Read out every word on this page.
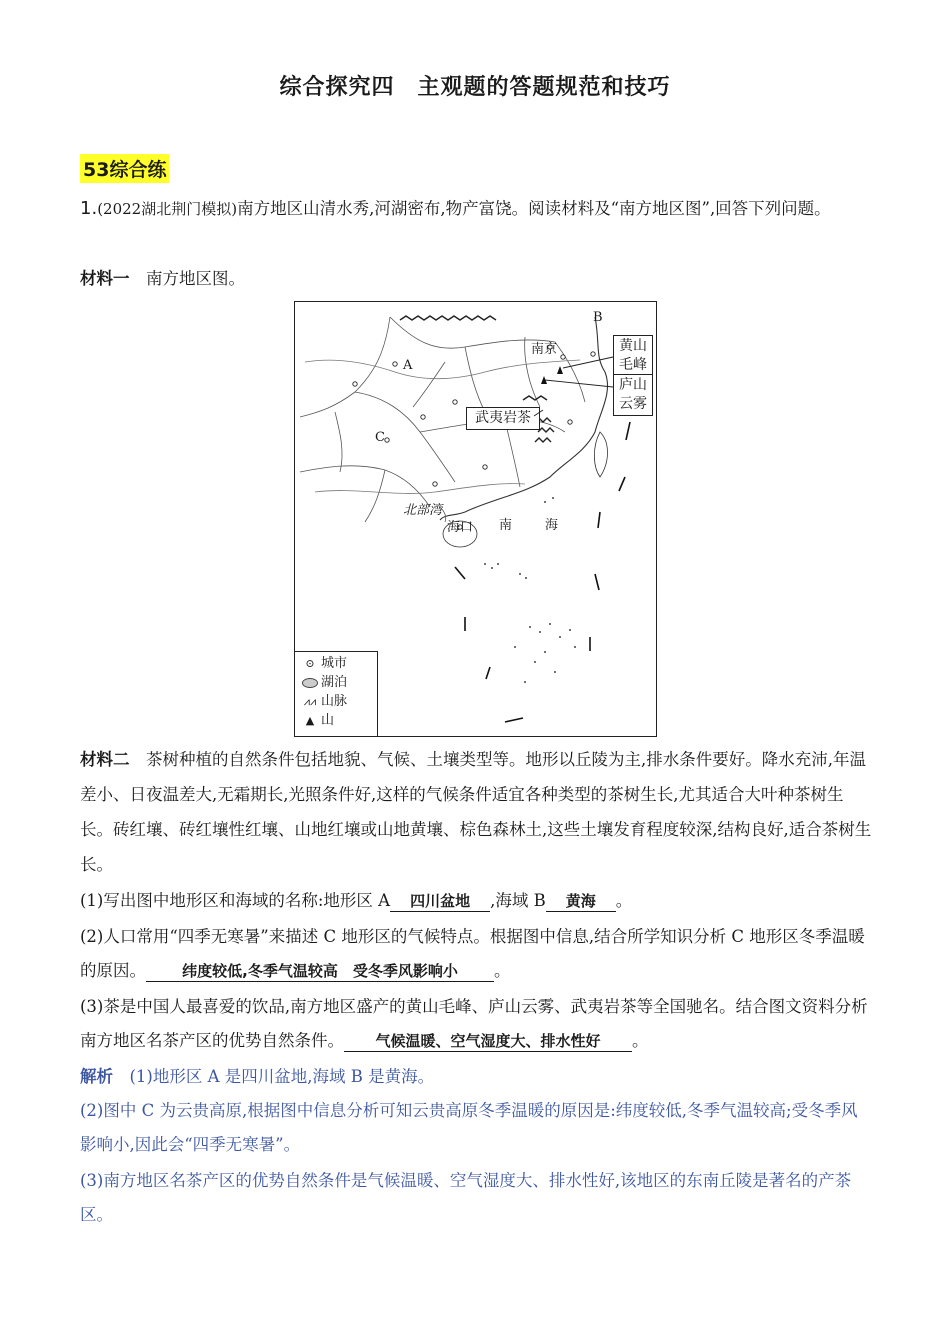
综合探究四　主观题的答题规范和技巧
53综合练
1.(2022湖北荆门模拟)南方地区山清水秀,河湖密布,物产富饶。阅读材料及“南方地区图”,回答下列问题。
材料一　 南方地区图。
B
A
C
南京
北部湾
海口 南	海
黄山
毛峰
庐山
云雾
武夷岩茶
⊙ 城市
湖泊
⩘⩘ 山脉
▲ 山
材料二　 茶树种植的自然条件包括地貌、气候、土壤类型等。地形以丘陵为主,排水条件要好。降水充沛,年温差小、日夜温差大,无霜期长,光照条件好,这样的气候条件适宜各种类型的茶树生长,尤其适合大叶种茶树生长。砖红壤、砖红壤性红壤、山地红壤或山地黄壤、棕色森林土,这些土壤发育程度较深,结构良好,适合茶树生长。
(1)写出图中地形区和海域的名称:地形区 A 四川盆地 ,海域 B 黄海 。
(2)人口常用“四季无寒暑”来描述 C 地形区的气候特点。根据图中信息,结合所学知识分析 C 地形区冬季温暖的原因。 纬度较低,冬季气温较高　受冬季风影响小 。
(3)茶是中国人最喜爱的饮品,南方地区盛产的黄山毛峰、庐山云雾、武夷岩茶等全国驰名。结合图文资料分析南方地区名茶产区的优势自然条件。 气候温暖、空气湿度大、排水性好 。
解析　 (1)地形区 A 是四川盆地,海域 B 是黄海。
(2)图中 C 为云贵高原,根据图中信息分析可知云贵高原冬季温暖的原因是:纬度较低,冬季气温较高;受冬季风影响小,因此会“四季无寒暑”。
(3)南方地区名茶产区的优势自然条件是气候温暖、空气湿度大、排水性好,该地区的东南丘陵是著名的产茶区。
